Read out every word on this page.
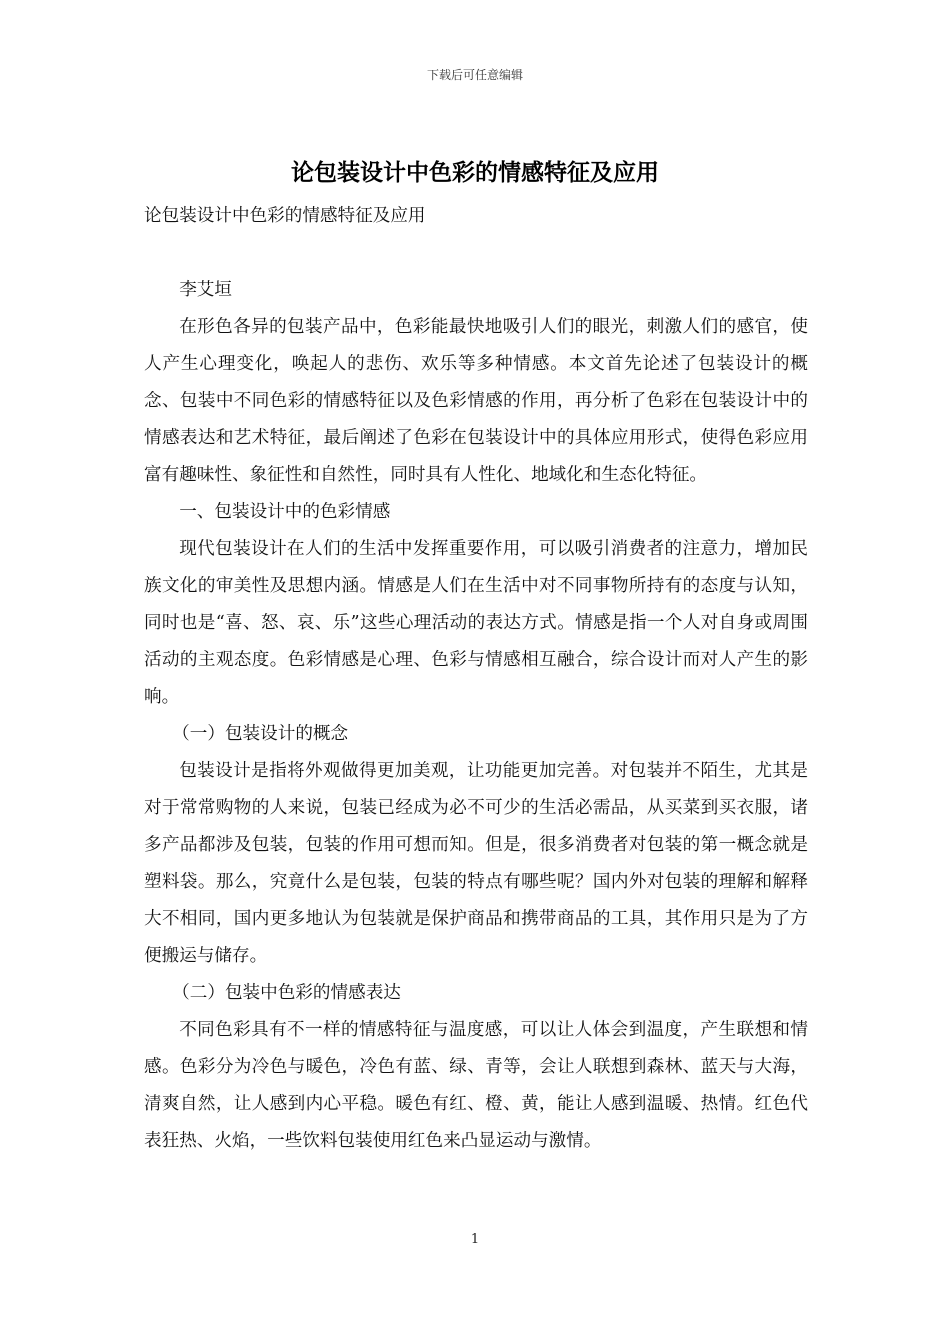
下载后可任意编辑
论包装设计中色彩的情感特征及应用

论包装设计中色彩的情感特征及应用

李艾垣

在形色各异的包装产品中，色彩能最快地吸引人们的眼光，刺激人们的感官，使人产生心理变化，唤起人的悲伤、欢乐等多种情感。本文首先论述了包装设计的概念、包装中不同色彩的情感特征以及色彩情感的作用，再分析了色彩在包装设计中的情感表达和艺术特征，最后阐述了色彩在包装设计中的具体应用形式，使得色彩应用富有趣味性、象征性和自然性，同时具有人性化、地域化和生态化特征。

一、包装设计中的色彩情感

现代包装设计在人们的生活中发挥重要作用，可以吸引消费者的注意力，增加民族文化的审美性及思想内涵。情感是人们在生活中对不同事物所持有的态度与认知，同时也是“喜、怒、哀、乐”这些心理活动的表达方式。情感是指一个人对自身或周围活动的主观态度。色彩情感是心理、色彩与情感相互融合，综合设计而对人产生的影响。

（一）包装设计的概念

包装设计是指将外观做得更加美观，让功能更加完善。对包装并不陌生，尤其是对于常常购物的人来说，包装已经成为必不可少的生活必需品，从买菜到买衣服，诸多产品都涉及包装，包装的作用可想而知。但是，很多消费者对包装的第一概念就是塑料袋。那么，究竟什么是包装，包装的特点有哪些呢？国内外对包装的理解和解释大不相同，国内更多地认为包装就是保护商品和携带商品的工具，其作用只是为了方便搬运与储存。

（二）包装中色彩的情感表达

不同色彩具有不一样的情感特征与温度感，可以让人体会到温度，产生联想和情感。色彩分为冷色与暖色，冷色有蓝、绿、青等，会让人联想到森林、蓝天与大海，清爽自然，让人感到内心平稳。暖色有红、橙、黄，能让人感到温暖、热情。红色代表狂热、火焰，一些饮料包装使用红色来凸显运动与激情。

1
